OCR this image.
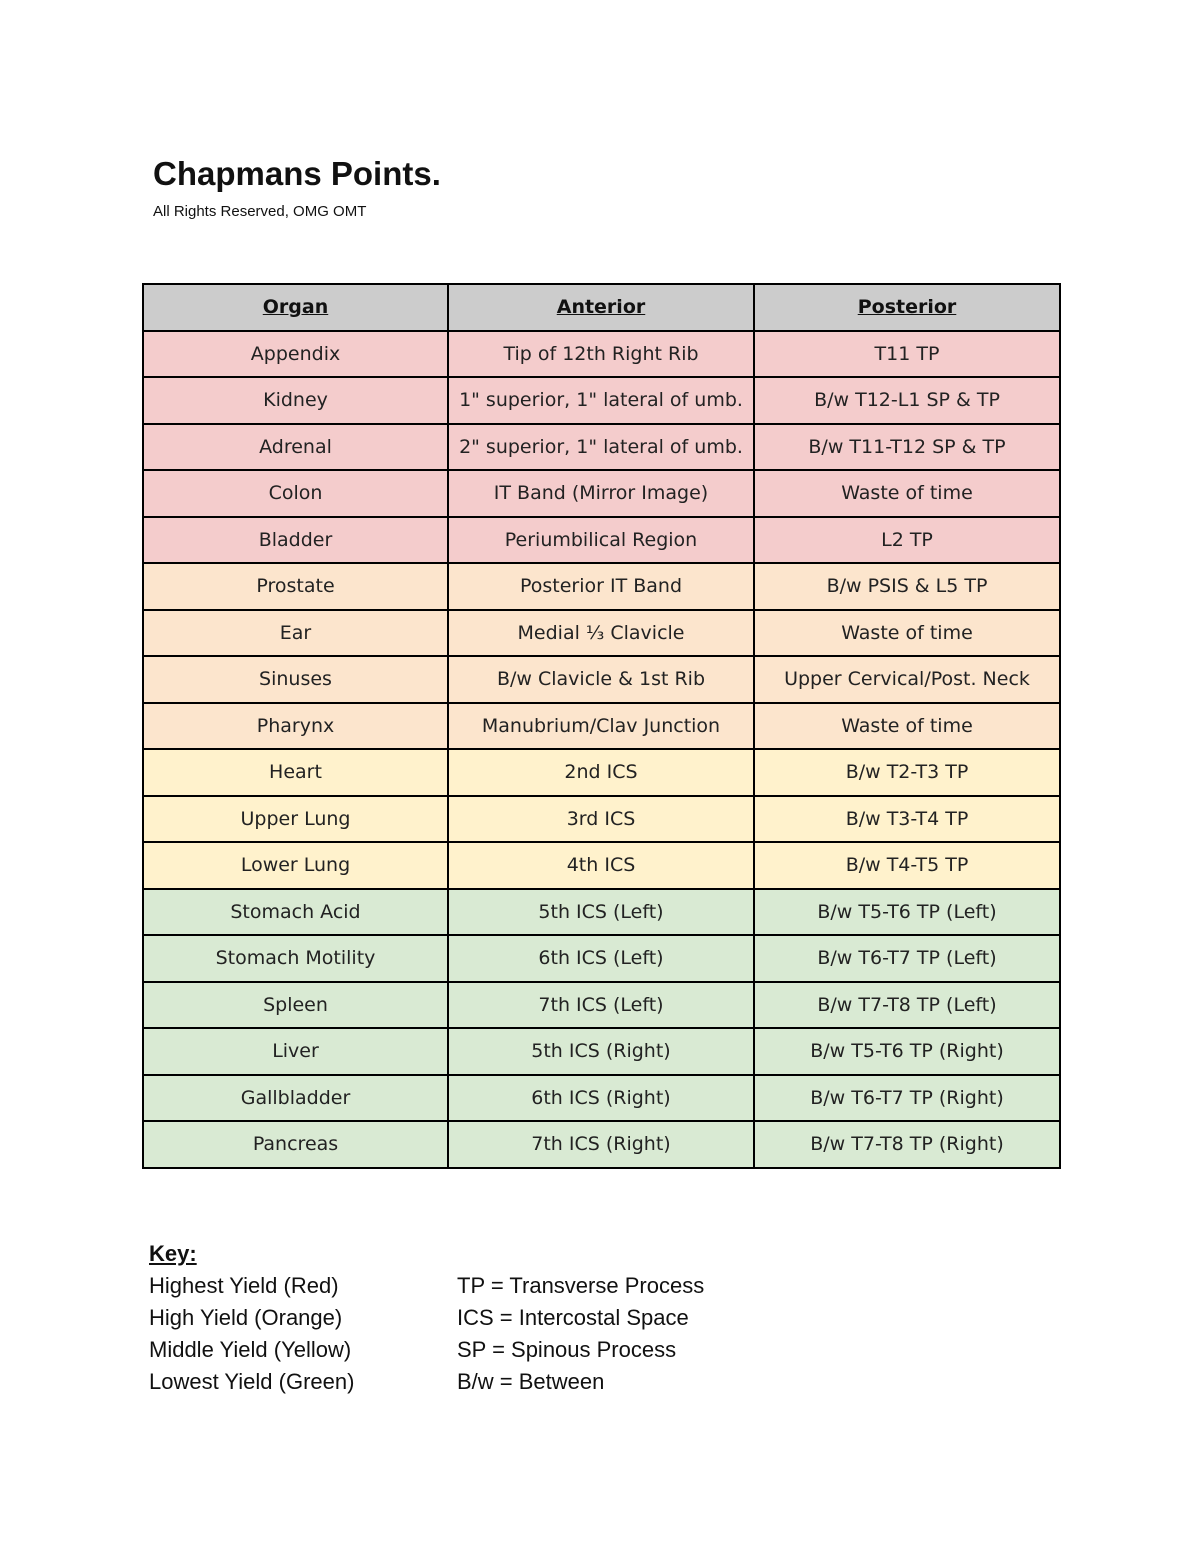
Chapmans Points.
All Rights Reserved, OMG OMT
Organ	Anterior	Posterior
Appendix	Tip of 12th Right Rib	T11 TP
Kidney	1" superior, 1" lateral of umb.	B/w T12-L1 SP & TP
Adrenal	2" superior, 1" lateral of umb.	B/w T11-T12 SP & TP
Colon	IT Band (Mirror Image)	Waste of time
Bladder	Periumbilical Region	L2 TP
Prostate	Posterior IT Band	B/w PSIS & L5 TP
Ear	Medial ⅓ Clavicle	Waste of time
Sinuses	B/w Clavicle & 1st Rib	Upper Cervical/Post. Neck
Pharynx	Manubrium/Clav Junction	Waste of time
Heart	2nd ICS	B/w T2-T3 TP
Upper Lung	3rd ICS	B/w T3-T4 TP
Lower Lung	4th ICS	B/w T4-T5 TP
Stomach Acid	5th ICS (Left)	B/w T5-T6 TP (Left)
Stomach Motility	6th ICS (Left)	B/w T6-T7 TP (Left)
Spleen	7th ICS (Left)	B/w T7-T8 TP (Left)
Liver	5th ICS (Right)	B/w T5-T6 TP (Right)
Gallbladder	6th ICS (Right)	B/w T6-T7 TP (Right)
Pancreas	7th ICS (Right)	B/w T7-T8 TP (Right)
Key:
Highest Yield (Red)
High Yield (Orange)
Middle Yield (Yellow)
Lowest Yield (Green)
TP = Transverse Process
ICS = Intercostal Space
SP = Spinous Process
B/w = Between
